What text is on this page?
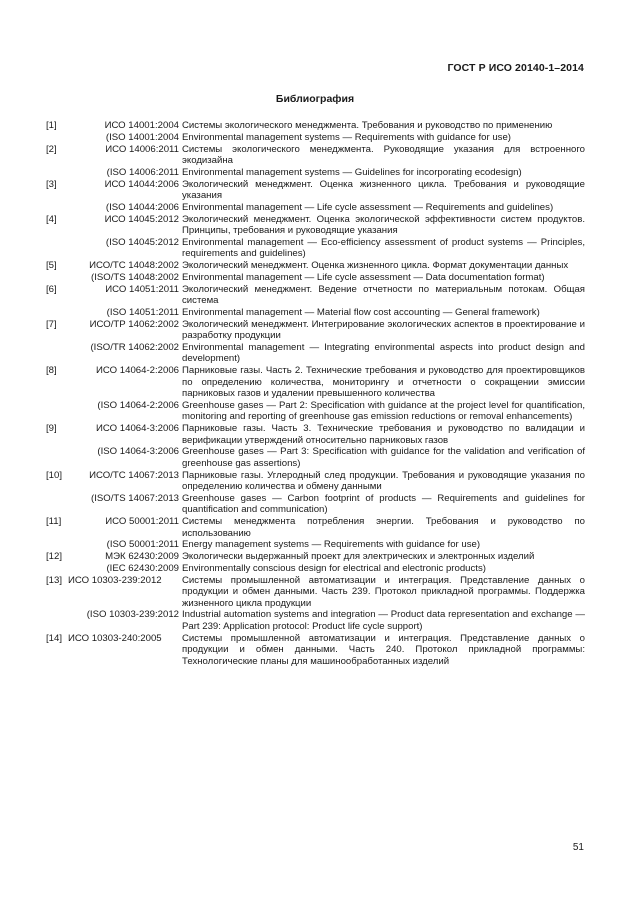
ГОСТ Р ИСО 20140-1–2014
Библиография
[1]	ИСО 14001:2004 Системы экологического менеджмента. Требования и руководство по применению
(ISO 14001:2004 Environmental management systems — Requirements with guidance for use)
[2]	ИСО 14006:2011 Системы экологического менеджмента. Руководящие указания для встроенного экодизайна
(ISO 14006:2011 Environmental management systems — Guidelines for incorporating ecodesign)
[3]	ИСО 14044:2006 Экологический менеджмент. Оценка жизненного цикла. Требования и руководящие указания
(ISO 14044:2006 Environmental management — Life cycle assessment — Requirements and guidelines)
[4]	ИСО 14045:2012 Экологический менеджмент. Оценка экологической эффективности систем продуктов. Принципы, требования и руководящие указания
(ISO 14045:2012 Environmental management — Eco-efficiency assessment of product systems — Principles, requirements and guidelines)
[5]	ИСО/ТС 14048:2002 Экологический менеджмент. Оценка жизненного цикла. Формат документации данных
(ISO/TS 14048:2002 Environmental management — Life cycle assessment — Data documentation format)
[6]	ИСО 14051:2011 Экологический менеджмент. Ведение отчетности по материальным потокам. Общая система
(ISO 14051:2011 Environmental management — Material flow cost accounting — General framework)
[7]	ИСО/ТР 14062:2002 Экологический менеджмент. Интегрирование экологических аспектов в проектирование и разработку продукции
(ISO/TR 14062:2002 Environmental management — Integrating environmental aspects into product design and development)
[8]	ИСО 14064-2:2006 Парниковые газы. Часть 2. Технические требования и руководство для проектировщиков по определению количества, мониторингу и отчетности о сокращении эмиссии парниковых газов и удалении превышенного количества
(ISO 14064-2:2006 Greenhouse gases — Part 2: Specification with guidance at the project level for quantification, monitoring and reporting of greenhouse gas emission reductions or removal enhancements)
[9]	ИСО 14064-3:2006 Парниковые газы. Часть 3. Технические требования и руководство по валидации и верификации утверждений относительно парниковых газов
(ISO 14064-3:2006 Greenhouse gases — Part 3: Specification with guidance for the validation and verification of greenhouse gas assertions)
[10]	ИСО/ТС 14067:2013 Парниковые газы. Углеродный след продукции. Требования и руководящие указания по определению количества и обмену данными
(ISO/TS 14067:2013 Greenhouse gases — Carbon footprint of products — Requirements and guidelines for quantification and communication)
[11]	ИСО 50001:2011 Системы менеджмента потребления энергии. Требования и руководство по использованию
(ISO 50001:2011 Energy management systems — Requirements with guidance for use)
[12]	МЭК 62430:2009 Экологически выдержанный проект для электрических и электронных изделий
(IEC 62430:2009 Environmentally conscious design for electrical and electronic products)
[13] ИСО 10303-239:2012	Системы промышленной автоматизации и интеграция. Представление данных о продукции и обмен данными. Часть 239. Протокол прикладной программы. Поддержка жизненного цикла продукции
(ISO 10303-239:2012 Industrial automation systems and integration — Product data representation and exchange — Part 239: Application protocol: Product life cycle support)
[14] ИСО 10303-240:2005	Системы промышленной автоматизации и интеграция. Представление данных о продукции и обмен данными. Часть 240. Протокол прикладной программы: Технологические планы для машинообработанных изделий
51
